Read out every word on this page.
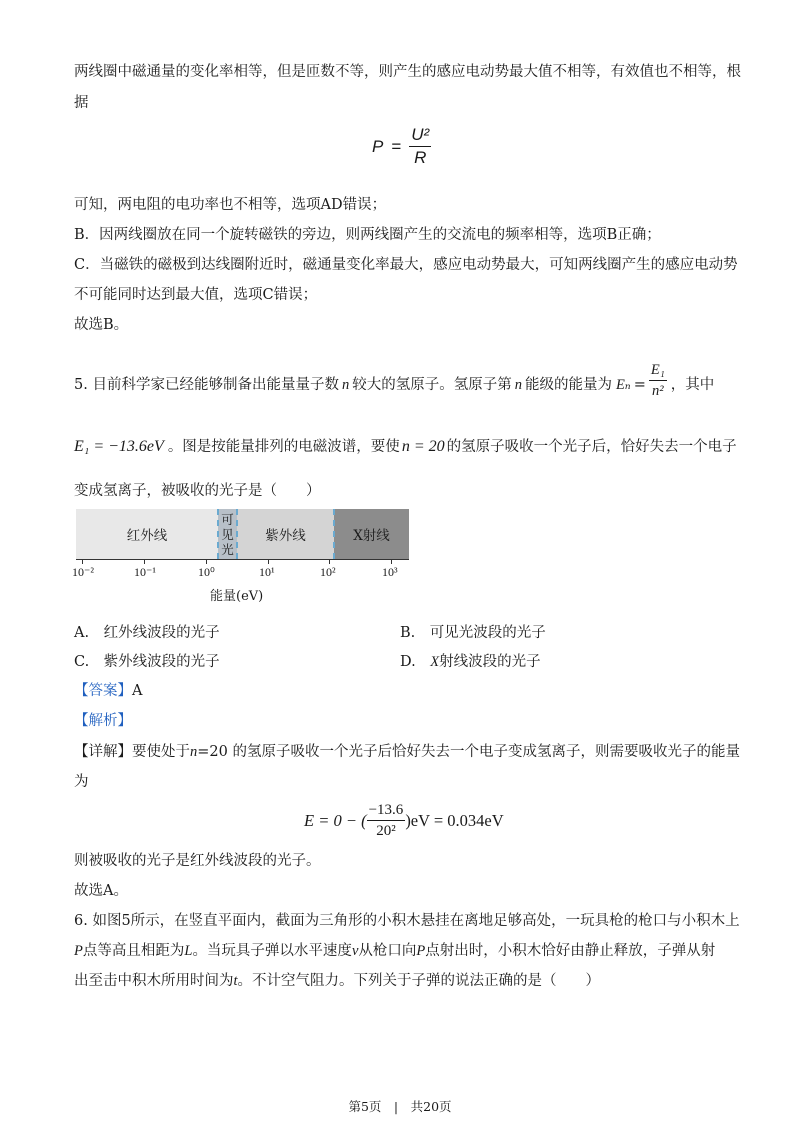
两线圈中磁通量的变化率相等，但是匝数不等，则产生的感应电动势最大值不相等，有效值也不相等，根
据
$P = \frac{\text{U²}}{R}$
可知，两电阻的电功率也不相等，选项AD错误；
B．因两线圈放在同一个旋转磁铁的旁边，则两线圈产生的交流电的频率相等，选项B正确；
C．当磁铁的磁极到达线圈附近时，磁通量变化率最大，感应电动势最大，可知两线圈产生的感应电动势
不可能同时达到最大值，选项C错误；
故选B。
5. 目前科学家已经能够制备出能量量子数 n 较大的氢原子。氢原子第 n 能级的能量为 $E_n = \frac{\text{E₁}}{\text{n²}}$ ，其中
E₁ = −13.6eV 。图是按能量排列的电磁波谱，要使 n = 20 的氢原子吸收一个光子后，恰好失去一个电子
变成氢离子，被吸收的光子是（　　）
红外线
可
见
光
紫外线	X射线
10⁻²	10⁻¹	10⁰	10¹	10²	10³
能量(eV)
A.　红外线波段的光子	B.　可见光波段的光子
C.　紫外线波段的光子	D.　X射线波段的光子
【答案】A
【解析】
【详解】要使处于n=20 的氢原子吸收一个光子后恰好失去一个电子变成氢离子，则需要吸收光子的能量
为
E = 0 − ( $\frac{-13.6}{\text{20²}} )eV = 0.034eV$
则被吸收的光子是红外线波段的光子。
故选A。
6. 如图5所示，在竖直平面内，截面为三角形的小积木悬挂在离地足够高处，一玩具枪的枪口与小积木上
P点等高且相距为L。当玩具子弹以水平速度v从枪口向P点射出时，小积木恰好由静止释放，子弹从射
出至击中积木所用时间为t。不计空气阻力。下列关于子弹的说法正确的是（　　）
第5页　|　共20页
